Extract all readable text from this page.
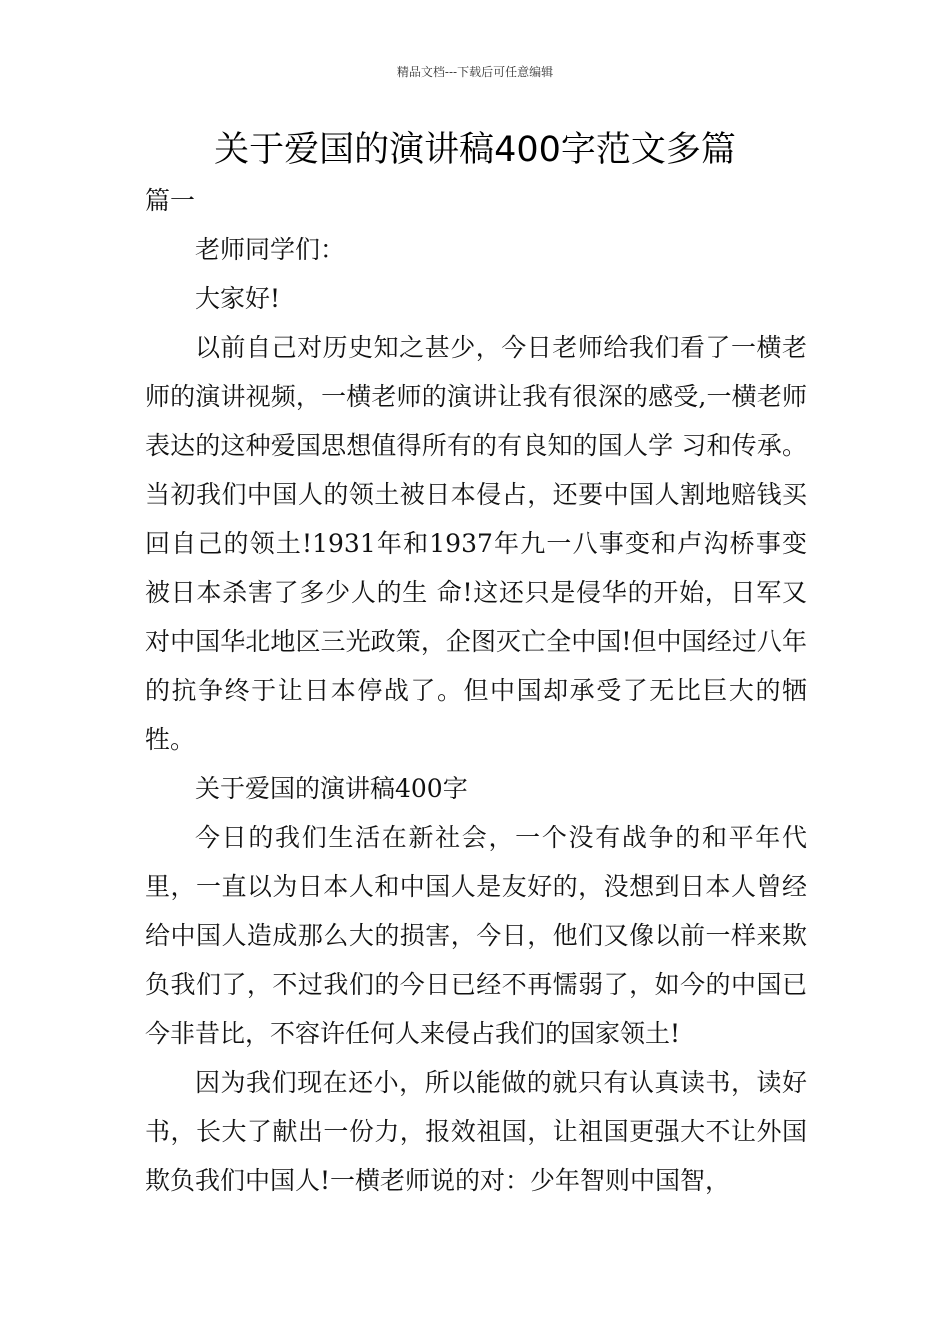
精品文档---下载后可任意编辑
关于爱国的演讲稿400字范文多篇

篇一

老师同学们：

大家好!

以前自己对历史知之甚少，今日老师给我们看了一横老师的演讲视频，一横老师的演讲让我有很深的感受,一横老师表达的这种爱国思想值得所有的有良知的国人学 习和传承。当初我们中国人的领土被日本侵占，还要中国人割地赔钱买回自己的领土!1931年和1937年九一八事变和卢沟桥事变被日本杀害了多少人的生 命!这还只是侵华的开始，日军又对中国华北地区三光政策，企图灭亡全中国!但中国经过八年的抗争终于让日本停战了。但中国却承受了无比巨大的牺牲。

关于爱国的演讲稿400字

今日的我们生活在新社会，一个没有战争的和平年代里，一直以为日本人和中国人是友好的，没想到日本人曾经给中国人造成那么大的损害，今日，他们又像以前一样来欺负我们了，不过我们的今日已经不再懦弱了，如今的中国已今非昔比，不容许任何人来侵占我们的国家领土!

因为我们现在还小，所以能做的就只有认真读书，读好书，长大了献出一份力，报效祖国，让祖国更强大不让外国欺负我们中国人!一横老师说的对：少年智则中国智，
